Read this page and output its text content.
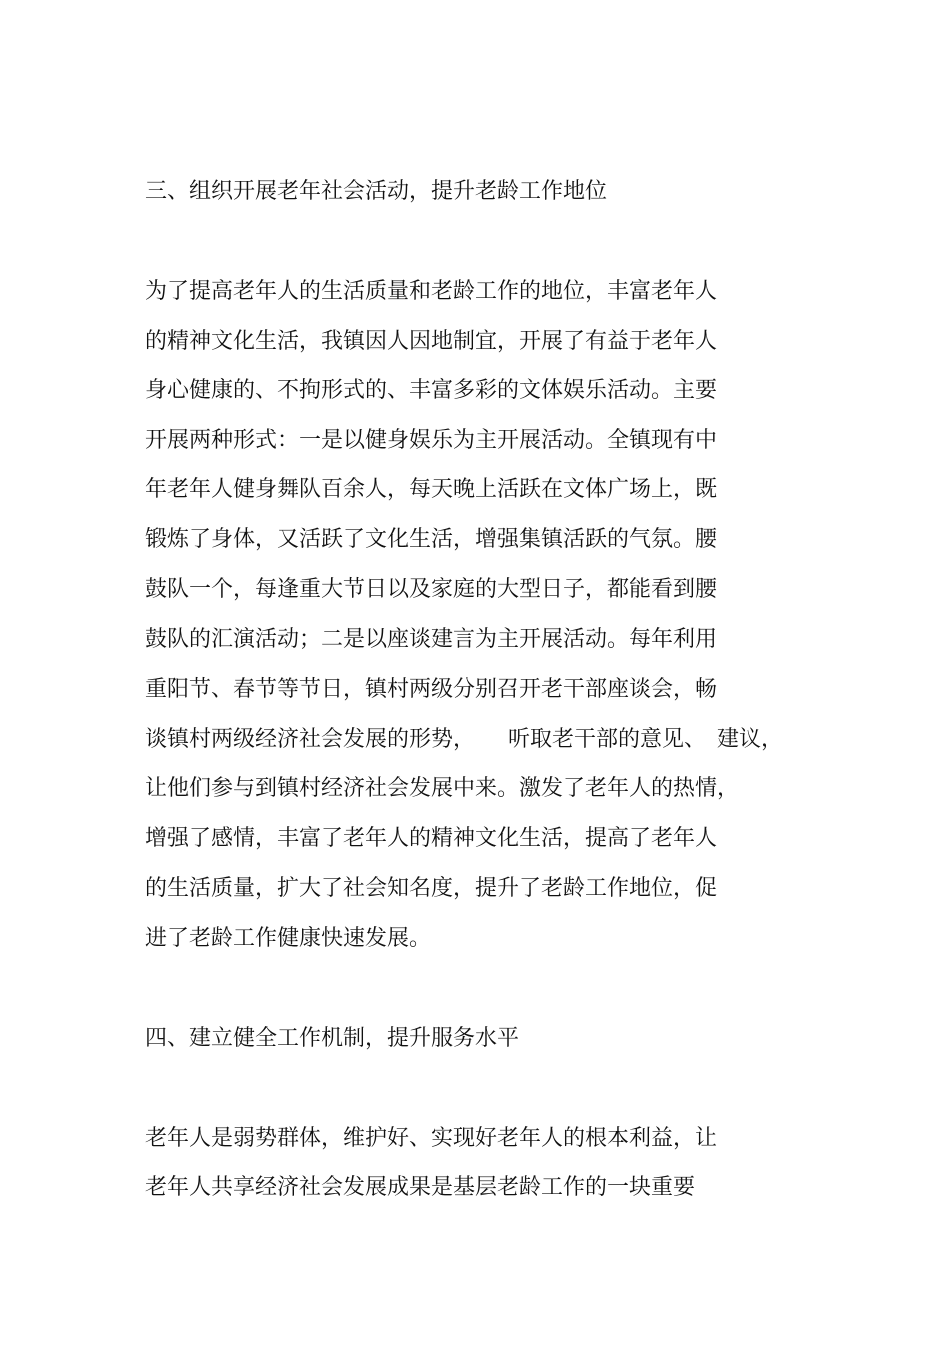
三、组织开展老年社会活动，提升老龄工作地位
为了提高老年人的生活质量和老龄工作的地位，丰富老年人
的精神文化生活，我镇因人因地制宜，开展了有益于老年人
身心健康的、不拘形式的、丰富多彩的文体娱乐活动。主要
开展两种形式：一是以健身娱乐为主开展活动。全镇现有中
年老年人健身舞队百余人，每天晚上活跃在文体广场上，既
锻炼了身体，又活跃了文化生活，增强集镇活跃的气氛。腰
鼓队一个，每逢重大节日以及家庭的大型日子，都能看到腰
鼓队的汇演活动；二是以座谈建言为主开展活动。每年利用
重阳节、春节等节日，镇村两级分别召开老干部座谈会，畅
谈镇村两级经济社会发展的形势，　　听取老干部的意见、　建议，
让他们参与到镇村经济社会发展中来。激发了老年人的热情，
增强了感情，丰富了老年人的精神文化生活，提高了老年人
的生活质量，扩大了社会知名度，提升了老龄工作地位，促
进了老龄工作健康快速发展。
四、建立健全工作机制，提升服务水平
老年人是弱势群体，维护好、实现好老年人的根本利益，让
老年人共享经济社会发展成果是基层老龄工作的一块重要
